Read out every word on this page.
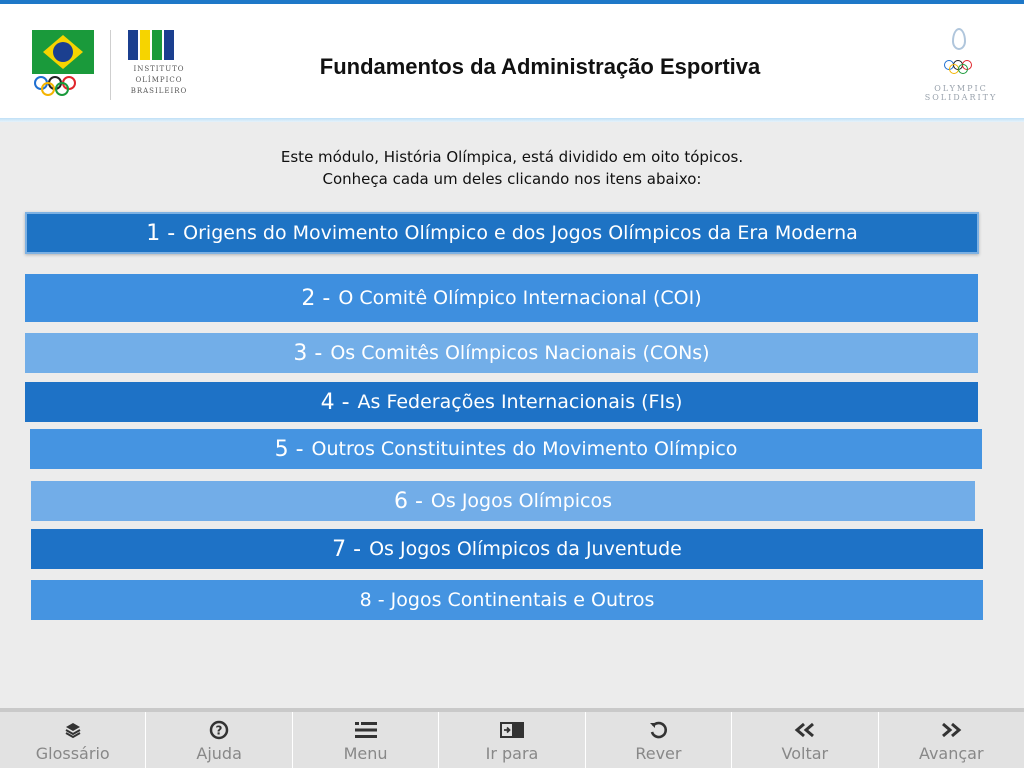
INSTITUTO OLÍMPICO BRASILEIRO
Fundamentos da Administração Esportiva
OLYMPIC SOLIDARITY
Este módulo, História Olímpica, está dividido em oito tópicos.
Conheça cada um deles clicando nos itens abaixo:
1 - Origens do Movimento Olímpico e dos Jogos Olímpicos da Era Moderna
2 - O Comitê Olímpico Internacional (COI)
3 - Os Comitês Olímpicos Nacionais (CONs)
4 - As Federações Internacionais (FIs)
5 - Outros Constituintes do Movimento Olímpico
6 - Os Jogos Olímpicos
7 - Os Jogos Olímpicos da Juventude
8 - Jogos Continentais e Outros
Glossário
?
Ajuda	Menu	Ir para	Rever	Voltar	Avançar
